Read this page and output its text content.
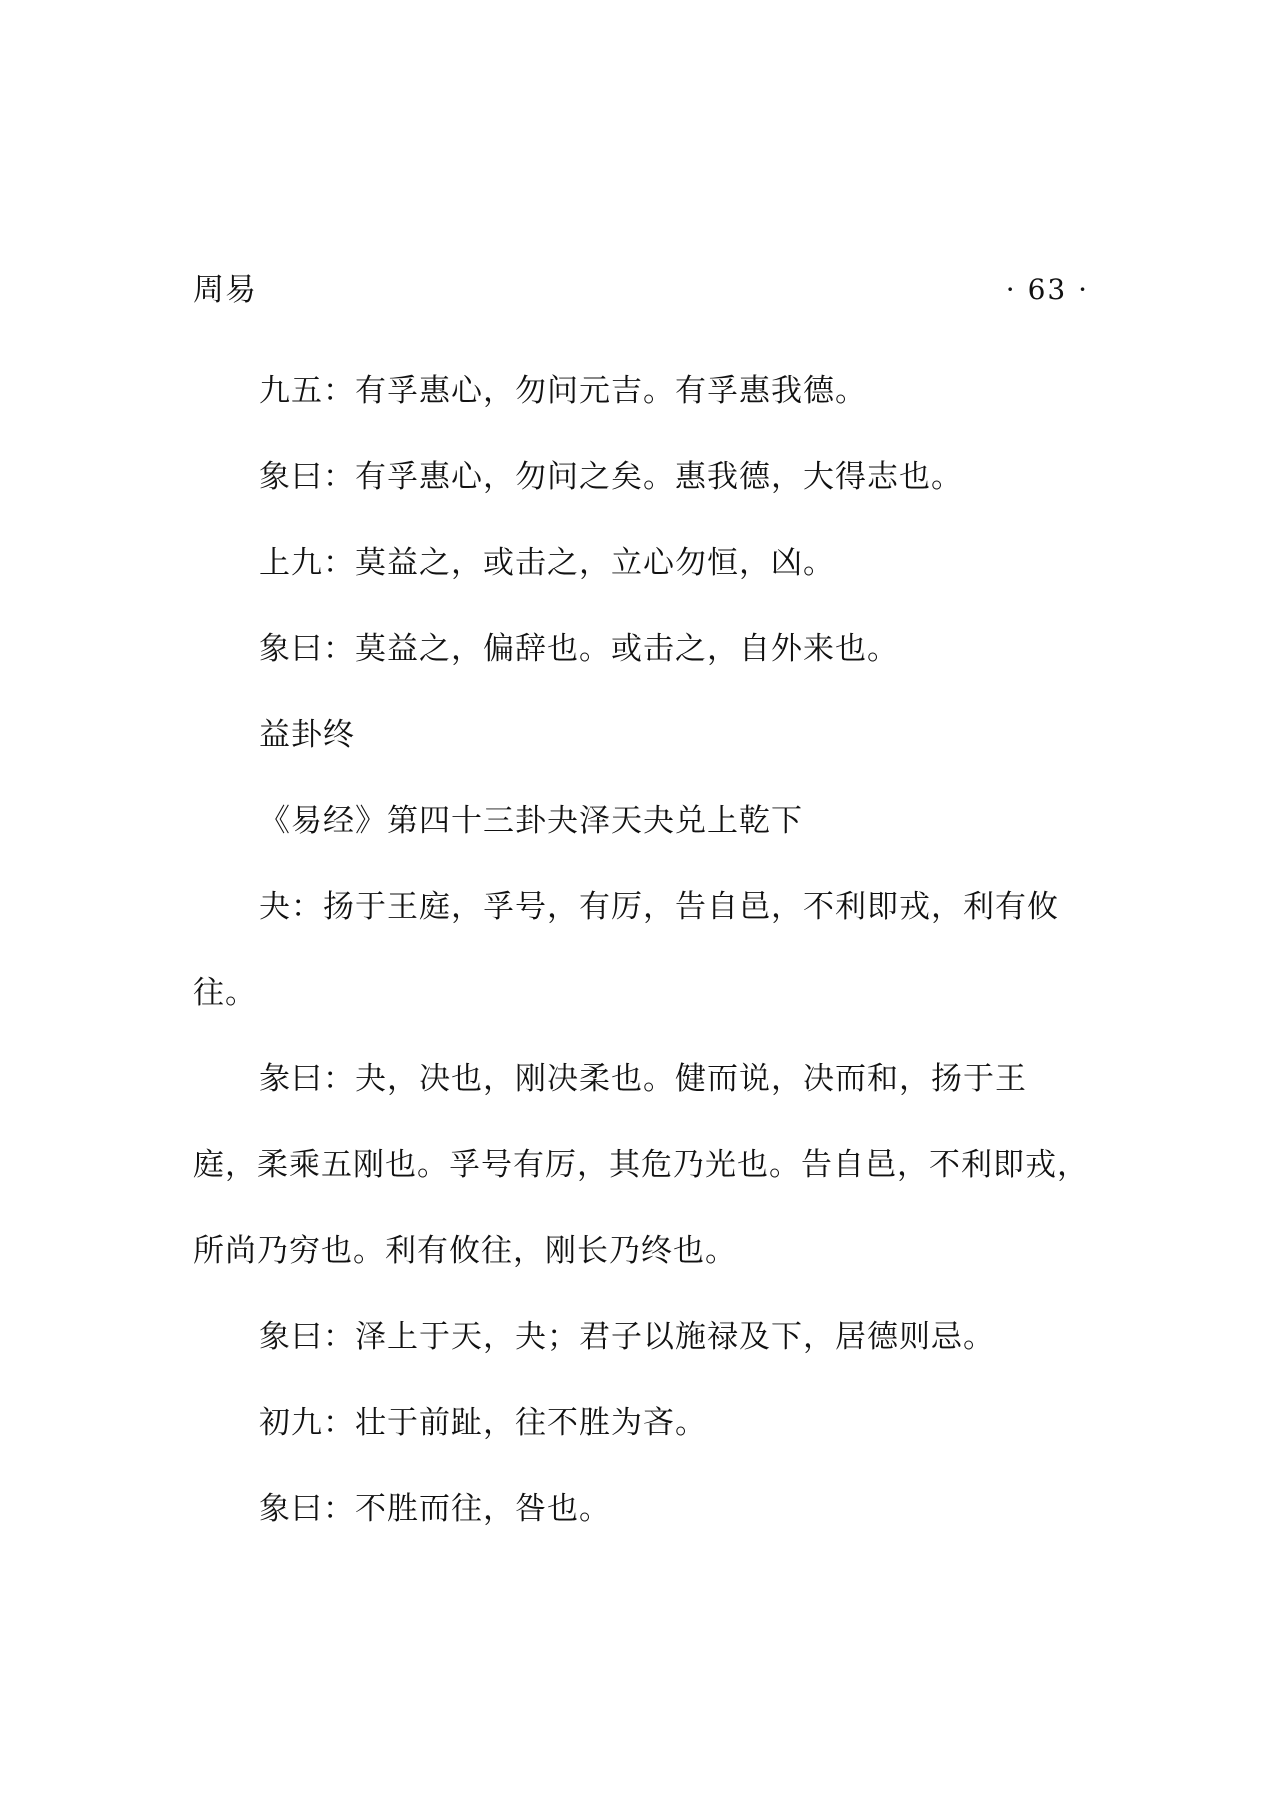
周易	· 63 ·

九五：有孚惠心，勿问元吉。有孚惠我德。

象曰：有孚惠心，勿问之矣。惠我德，大得志也。

上九：莫益之，或击之，立心勿恒，凶。

象曰：莫益之，偏辞也。或击之，自外来也。

益卦终

《易经》第四十三卦夬泽天夬兑上乾下

夬：扬于王庭，孚号，有厉，告自邑，不利即戎，利有攸往。

彖曰：夬，决也，刚决柔也。健而说，决而和，扬于王庭，柔乘五刚也。孚号有厉，其危乃光也。告自邑，不利即戎，所尚乃穷也。利有攸往，刚长乃终也。

象曰：泽上于天，夬；君子以施禄及下，居德则忌。

初九：壮于前趾，往不胜为吝。

象曰：不胜而往，咎也。
